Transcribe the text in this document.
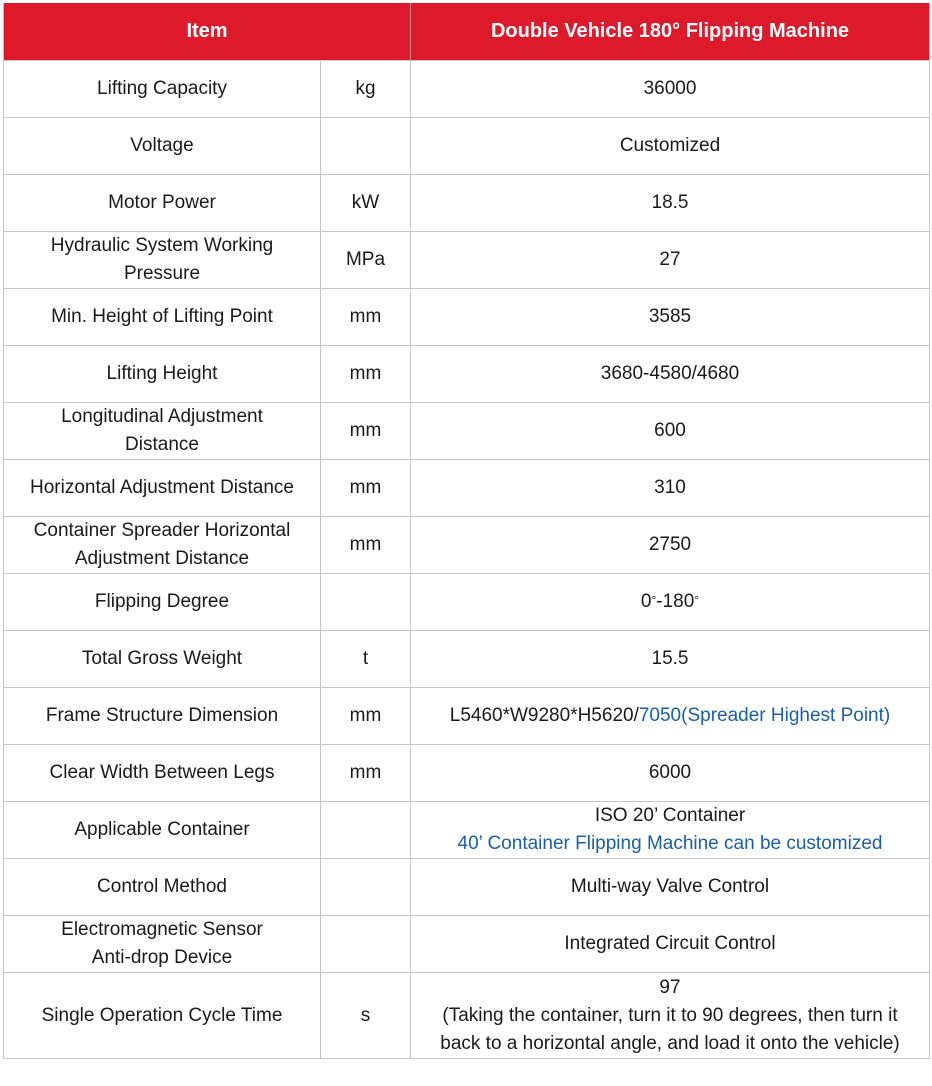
Item		Double Vehicle 180° Flipping Machine
Lifting Capacity	kg	36000
Voltage		Customized
Motor Power	kW	18.5

Hydraulic System Working
Pressure	MPa	27
Min. Height of Lifting Point	mm	3585
Lifting Height	mm	3680-4580/4680

Longitudinal Adjustment
Distance	mm	600
Horizontal Adjustment Distance	mm	310

Container Spreader Horizontal
Adjustment Distance	mm	2750
Flipping Degree		0°-180°
Total Gross Weight	t	15.5
Frame Structure Dimension	mm	L5460*W9280*H5620/7050(Spreader Highest Point)
Clear Width Between Legs	mm	6000
Applicable Container		ISO 20’ Container
40’ Container Flipping Machine can be customized

Control Method		Multi-way Valve Control

Electromagnetic Sensor
Anti-drop Device		Integrated Circuit Control
Single Operation Cycle Time	s	97
(Taking the container, turn it to 90 degrees, then turn it
back to a horizontal angle, and load it onto the vehicle)
